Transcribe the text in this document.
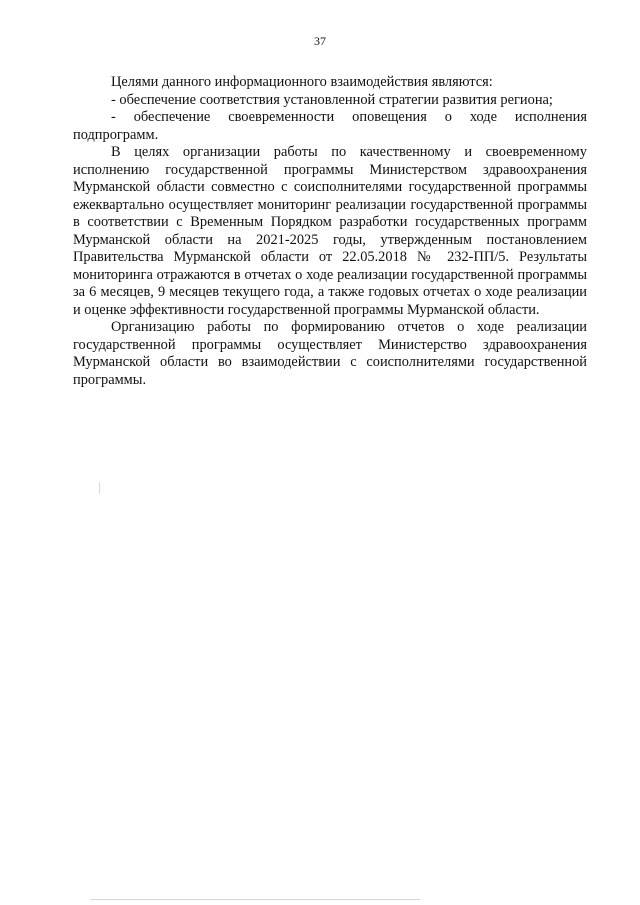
37

Целями данного информационного взаимодействия являются:

- обеспечение соответствия установленной стратегии развития региона;

- обеспечение своевременности оповещения о ходе исполнения подпрограмм.

В целях организации работы по качественному и своевременному исполнению государственной программы Министерством здравоохранения Мурманской области совместно с соисполнителями государственной программы ежеквартально осуществляет мониторинг реализации государственной программы в соответствии с Временным Порядком разработки государственных программ Мурманской области на 2021-2025 годы, утвержденным постановлением Правительства Мурманской области от 22.05.2018 № 232-ПП/5. Результаты мониторинга отражаются в отчетах о ходе реализации государственной программы за 6 месяцев, 9 месяцев текущего года, а также годовых отчетах о ходе реализации и оценке эффективности государственной программы Мурманской области.

Организацию работы по формированию отчетов о ходе реализации государственной программы осуществляет Министерство здравоохранения Мурманской области во взаимодействии с соисполнителями государственной программы.
